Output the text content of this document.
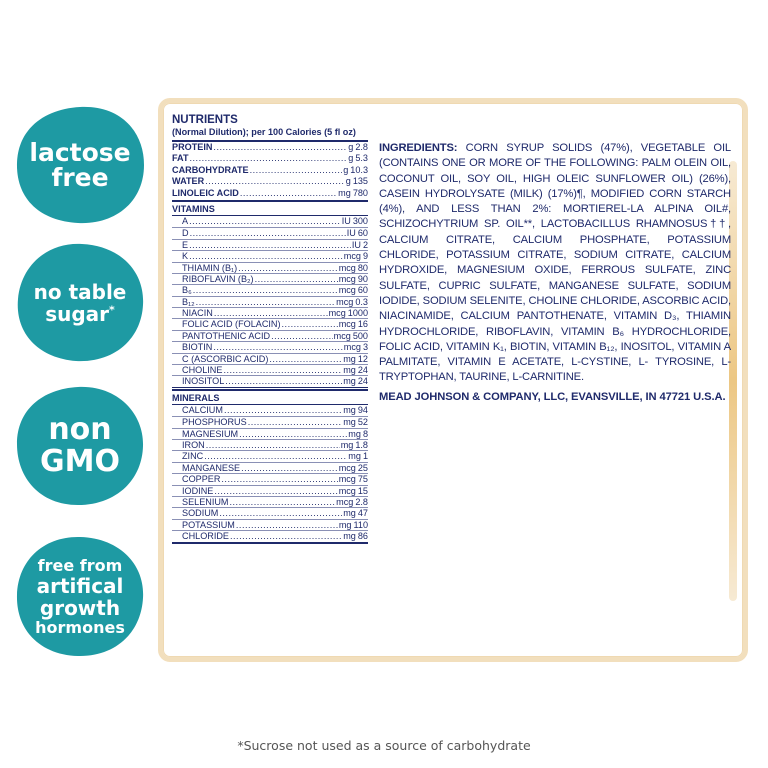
lactose
free
no table
sugar*
non
GMO
free from
artifical
growth
hormones
NUTRIENTS
(Normal Dilution); per 100 Calories (5 fl oz)
PROTEIN .....	g 2.8
FAT .....	g 5.3
CARBOHYDRATE .....	g 10.3
WATER .....	g 135
LINOLEIC ACID .....	mg 780
VITAMINS
A .....	IU 300
D .....	IU 60
E .....	IU 2
K .....	mcg 9
THIAMIN (B₁) .....	mcg 80
RIBOFLAVIN (B₂) .....	mcg 90
B₆ .....	mcg 60
B₁₂ .....	mcg 0.3
NIACIN .....	mcg 1000
FOLIC ACID (FOLACIN) .....	mcg 16
PANTOTHENIC ACID .....	mcg 500
BIOTIN .....	mcg 3
C (ASCORBIC ACID) .....	mg 12
CHOLINE .....	mg 24
INOSITOL .....	mg 24
MINERALS
CALCIUM .....	mg 94
PHOSPHORUS .....	mg 52
MAGNESIUM .....	mg 8
IRON .....	mg 1.8
ZINC .....	mg 1
MANGANESE .....	mcg 25
COPPER .....	mcg 75
IODINE .....	mcg 15
SELENIUM .....	mcg 2.8
SODIUM .....	mg 47
POTASSIUM .....	mg 110
CHLORIDE .....	mg 86
INGREDIENTS: CORN SYRUP SOLIDS (47%), VEGETABLE OIL (CONTAINS ONE OR MORE OF THE FOLLOWING: PALM OLEIN OIL, COCONUT OIL, SOY OIL, HIGH OLEIC SUNFLOWER OIL) (26%), CASEIN HYDROLYSATE (MILK) (17%)¶, MODIFIED CORN STARCH (4%), AND LESS THAN 2%: MORTIEREL-LA ALPINA OIL#, SCHIZOCHYTRIUM SP. OIL**, LACTOBACILLUS RHAMNOSUS††, CALCIUM CITRATE, CALCIUM PHOSPHATE, POTASSIUM CHLORIDE, POTASSIUM CITRATE, SODIUM CITRATE, CALCIUM HYDROXIDE, MAGNESIUM OXIDE, FERROUS SULFATE, ZINC SULFATE, CUPRIC SULFATE, MANGANESE SULFATE, SODIUM IODIDE, SODIUM SELENITE, CHOLINE CHLORIDE, ASCORBIC ACID, NIACINAMIDE, CALCIUM PANTOTHENATE, VITAMIN D₃, THIAMIN HYDROCHLORIDE, RIBOFLAVIN, VITAMIN B₆ HYDROCHLORIDE, FOLIC ACID, VITAMIN K₁, BIOTIN, VITAMIN B₁₂, INOSITOL, VITAMIN A PALMITATE, VITAMIN E ACETATE, L-CYSTINE, L- TYROSINE, L-TRYPTOPHAN, TAURINE, L-CARNITINE.
MEAD JOHNSON & COMPANY, LLC, EVANSVILLE, IN 47721 U.S.A.
*Sucrose not used as a source of carbohydrate
